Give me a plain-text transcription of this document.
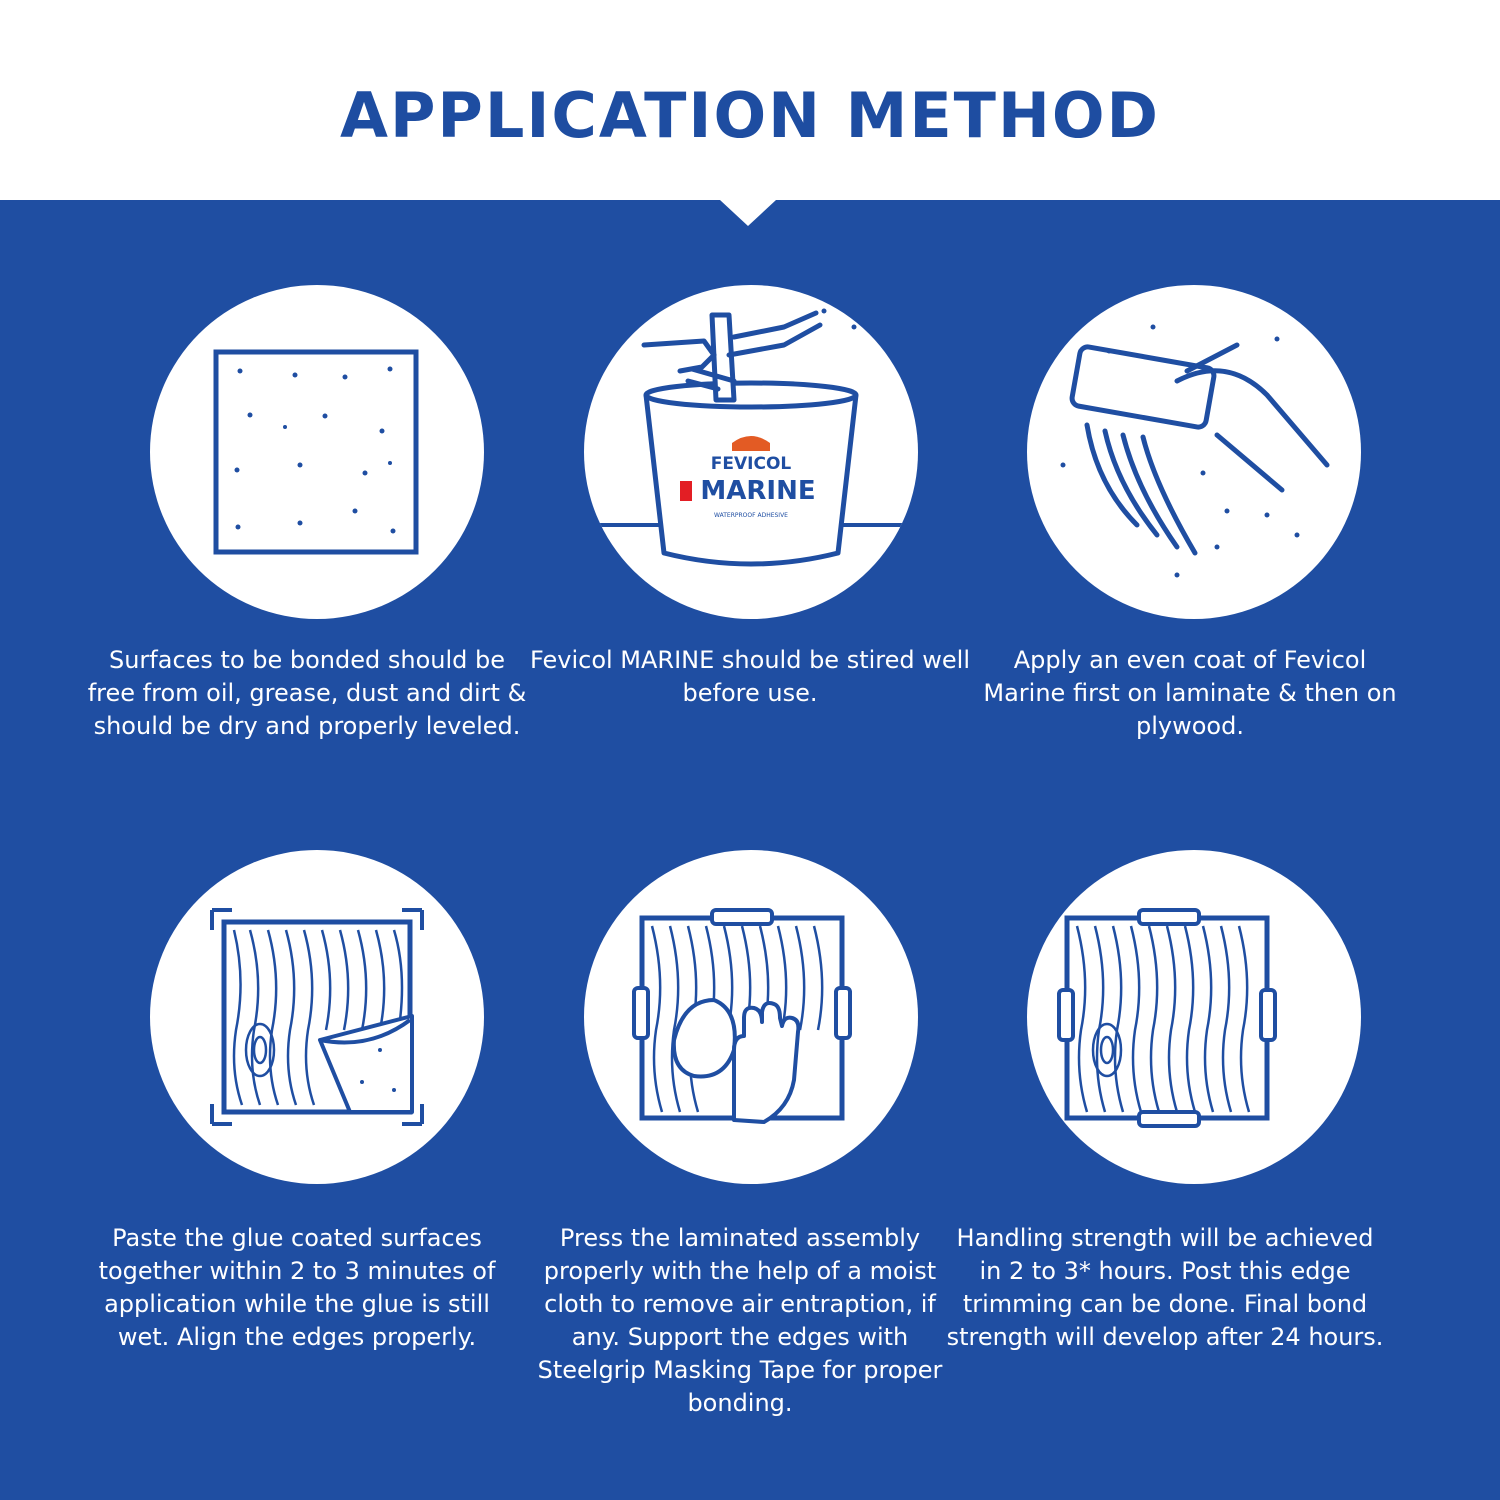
APPLICATION METHOD

Surfaces to be bonded should be free from oil, grease, dust and dirt & should be dry and properly leveled.

FEVICOL
MARINE
WATERPROOF ADHESIVE

Fevicol MARINE should be stired well before use.

Apply an even coat of Fevicol Marine first on laminate & then on plywood.

Paste the glue coated surfaces together within 2 to 3 minutes of application while the glue is still wet. Align the edges properly.

Press the laminated assembly properly with the help of a moist cloth to remove air entraption, if any. Support the edges with Steelgrip Masking Tape for proper bonding.

Handling strength will be achieved in 2 to 3* hours. Post this edge trimming can be done. Final bond strength will develop after 24 hours.
